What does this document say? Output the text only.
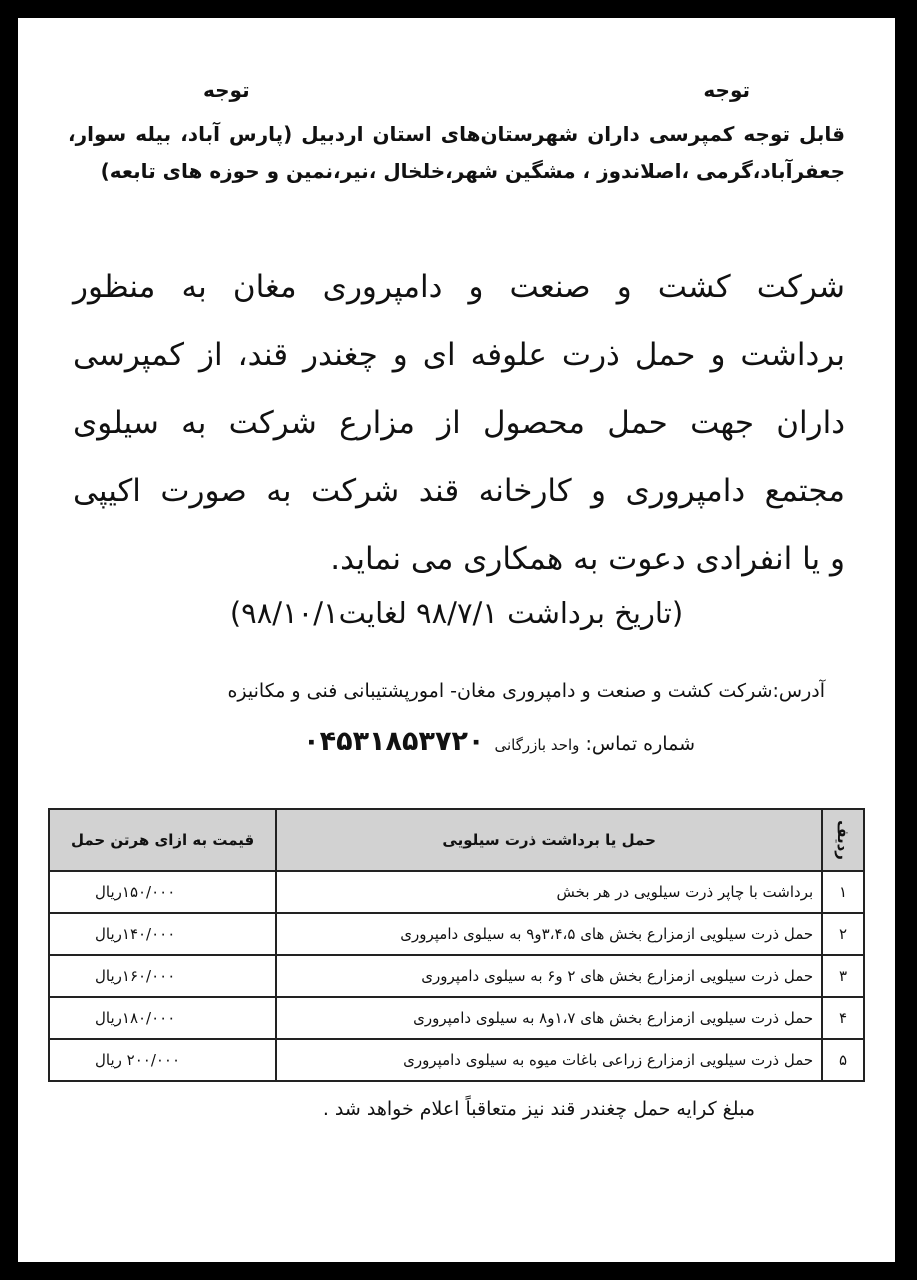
توجه
توجه
قابل توجه کمپرسی داران شهرستان‌های استان اردبیل (پارس آباد، بیله سوار،
جعفرآباد،گرمی ،اصلاندوز ، مشگین شهر،خلخال ،نیر،نمین و حوزه های تابعه)
شرکت کشت و صنعت و دامپروری مغان به منظور
برداشت و حمل ذرت علوفه ای و چغندر قند، از کمپرسی
داران جهت حمل محصول از مزارع شرکت به سیلوی
مجتمع دامپروری و کارخانه قند شرکت به صورت اکیپی
و یا انفرادی دعوت به همکاری می نماید.
(تاریخ برداشت ۹۸/۷/۱ لغایت۹۸/۱۰/۱)
آدرس:شرکت کشت و صنعت و دامپروری مغان- امورپشتیبانی فنی و مکانیزه
شماره تماس: واحد بازرگانی ۰۴۵۳۱۸۵۳۷۲۰
ردیف	حمل یا برداشت ذرت سیلویی	قیمت به ازای هرتن حمل
۱	برداشت با چاپر ذرت سیلویی در هر بخش	۱۵۰/۰۰۰ریال
۲	حمل ذرت سیلویی ازمزارع بخش های ۳،۴،۵و۹ به سیلوی دامپروری	۱۴۰/۰۰۰ریال
۳	حمل ذرت سیلویی ازمزارع بخش های ۲ و۶ به سیلوی دامپروری	۱۶۰/۰۰۰ریال
۴	حمل ذرت سیلویی ازمزارع بخش های ۱،۷و۸ به سیلوی دامپروری	۱۸۰/۰۰۰ریال
۵	حمل ذرت سیلویی ازمزارع زراعی باغات میوه به سیلوی دامپروری	۲۰۰/۰۰۰ ریال
مبلغ کرایه حمل چغندر قند نیز متعاقباً اعلام خواهد شد .
